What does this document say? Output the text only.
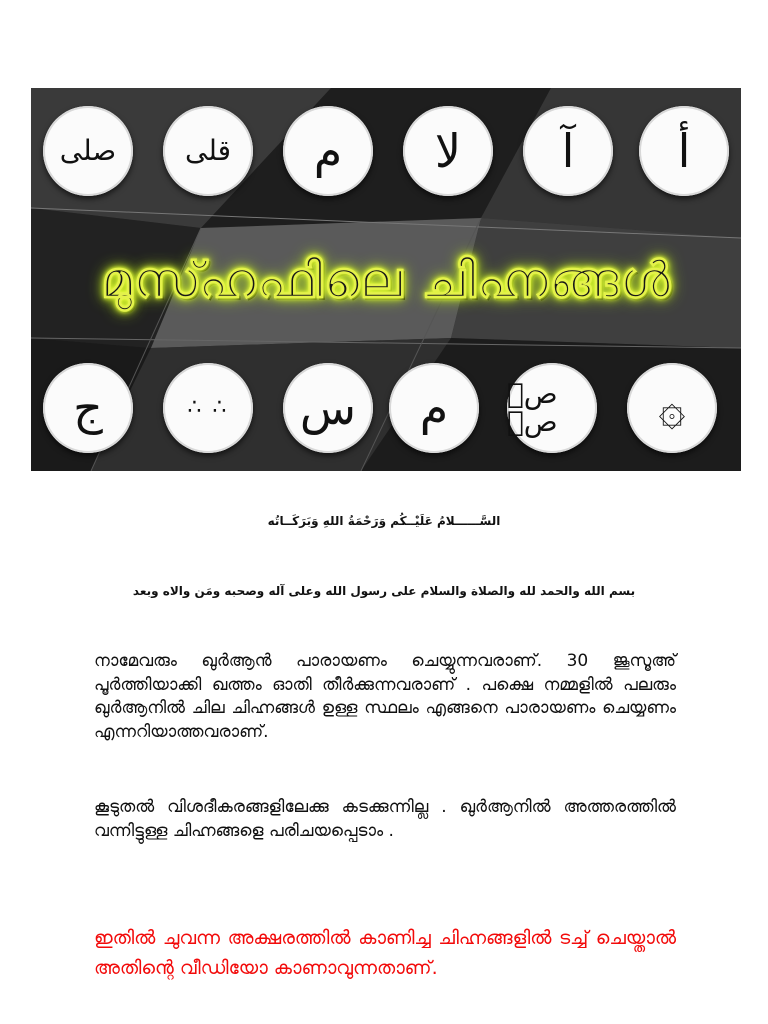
صلى	قلى	م	لا	آ	أ
മുസ്ഹഫിലെ ചിഹ്നങ്ങൾ
ج	∴ ∴	س	م	صۜ صۜ	۞
السَّــــــلامُ عَلَيْــكُم وَرَحْمَةُ اللهِ وَبَرَكَــاتُه
بسم الله والحمد لله والصلاة والسلام على رسول الله وعلى آله وصحبه ومَن والاه وبعد
നാമേവരും ഖുർആൻ പാരായണം ചെയ്യുന്നവരാണ്. 30 ജൂസൂഅ് പൂർത്തിയാക്കി ഖത്തം ഓതി തീർക്കുന്നവരാണ് . പക്ഷെ നമ്മളിൽ പലരും ഖുർആനിൽ ചില ചിഹ്നങ്ങൾ ഉള്ള സ്ഥലം എങ്ങനെ പാരായണം ചെയ്യണം എന്നറിയാത്തവരാണ്.
കൂടുതൽ വിശദീകരങ്ങളിലേക്കു കടക്കുന്നില്ല . ഖുർആനിൽ അത്തരത്തിൽ വന്നിട്ടുള്ള ചിഹ്നങ്ങളെ പരിചയപ്പെടാം .
ഇതിൽ ചുവന്ന അക്ഷരത്തിൽ കാണിച്ച ചിഹ്നങ്ങളിൽ ടച്ച് ചെയ്താൽ അതിന്റെ വീഡിയോ കാണാവുന്നതാണ്.
